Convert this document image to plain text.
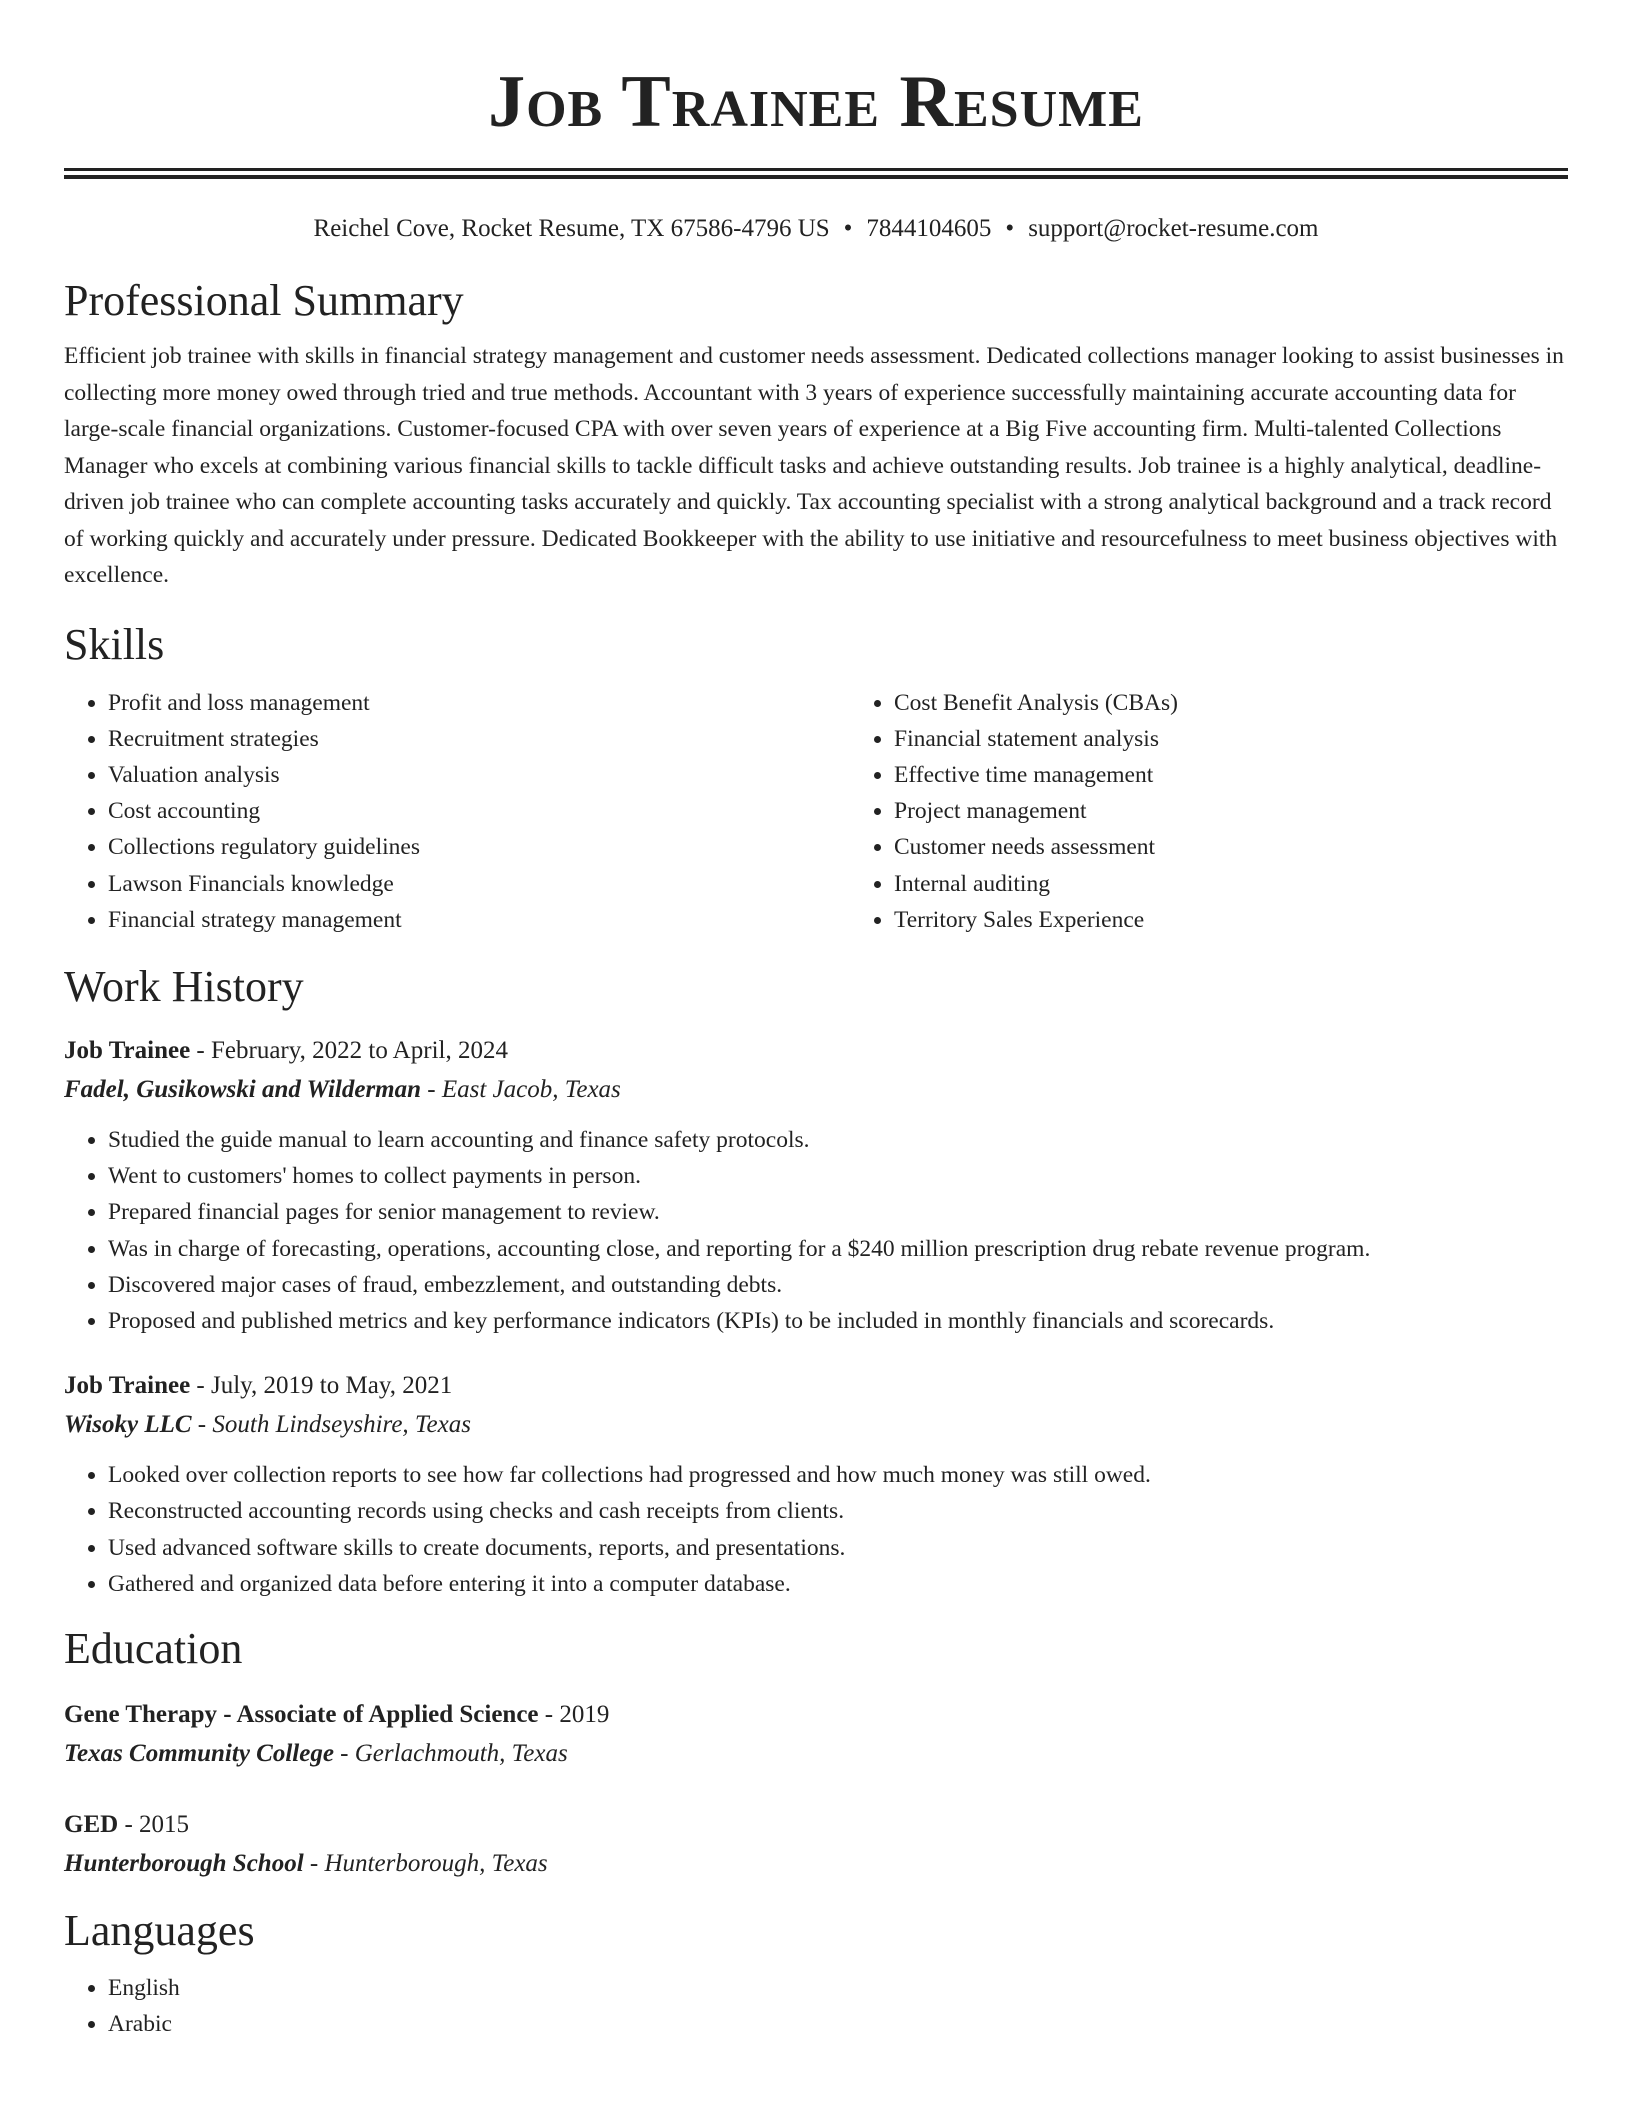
Job Trainee Resume
Reichel Cove, Rocket Resume, TX 67586-4796 US • 7844104605 • support@rocket-resume.com
Professional Summary
Efficient job trainee with skills in financial strategy management and customer needs assessment. Dedicated collections manager looking to assist businesses in collecting more money owed through tried and true methods. Accountant with 3 years of experience successfully maintaining accurate accounting data for large-scale financial organizations. Customer-focused CPA with over seven years of experience at a Big Five accounting firm. Multi-talented Collections Manager who excels at combining various financial skills to tackle difficult tasks and achieve outstanding results. Job trainee is a highly analytical, deadline-driven job trainee who can complete accounting tasks accurately and quickly. Tax accounting specialist with a strong analytical background and a track record of working quickly and accurately under pressure. Dedicated Bookkeeper with the ability to use initiative and resourcefulness to meet business objectives with excellence.
Skills
• Profit and loss management
• Recruitment strategies
• Valuation analysis
• Cost accounting
• Collections regulatory guidelines
• Lawson Financials knowledge
• Financial strategy management
• Cost Benefit Analysis (CBAs)
• Financial statement analysis
• Effective time management
• Project management
• Customer needs assessment
• Internal auditing
• Territory Sales Experience
Work History
Job Trainee - February, 2022 to April, 2024
Fadel, Gusikowski and Wilderman - East Jacob, Texas
• Studied the guide manual to learn accounting and finance safety protocols.
• Went to customers' homes to collect payments in person.
• Prepared financial pages for senior management to review.
• Was in charge of forecasting, operations, accounting close, and reporting for a $240 million prescription drug rebate revenue program.
• Discovered major cases of fraud, embezzlement, and outstanding debts.
• Proposed and published metrics and key performance indicators (KPIs) to be included in monthly financials and scorecards.
Job Trainee - July, 2019 to May, 2021
Wisoky LLC - South Lindseyshire, Texas
• Looked over collection reports to see how far collections had progressed and how much money was still owed.
• Reconstructed accounting records using checks and cash receipts from clients.
• Used advanced software skills to create documents, reports, and presentations.
• Gathered and organized data before entering it into a computer database.
Education
Gene Therapy - Associate of Applied Science - 2019
Texas Community College - Gerlachmouth, Texas
GED - 2015
Hunterborough School - Hunterborough, Texas
Languages
• English
• Arabic
